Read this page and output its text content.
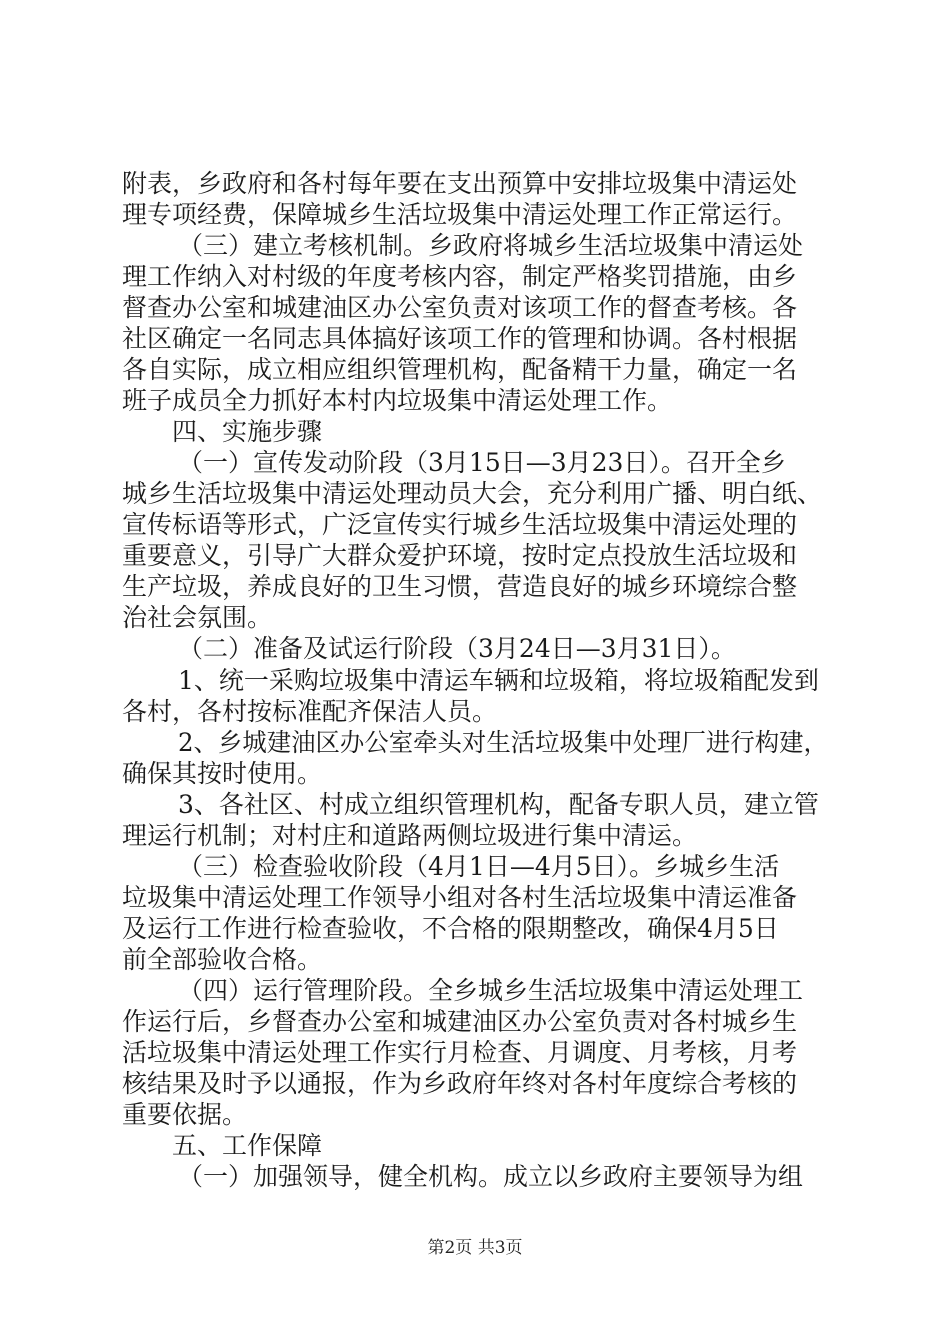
附表，乡政府和各村每年要在支出预算中安排垃圾集中清运处
理专项经费，保障城乡生活垃圾集中清运处理工作正常运行。
（三）建立考核机制。乡政府将城乡生活垃圾集中清运处
理工作纳入对村级的年度考核内容，制定严格奖罚措施，由乡
督查办公室和城建油区办公室负责对该项工作的督查考核。各
社区确定一名同志具体搞好该项工作的管理和协调。各村根据
各自实际，成立相应组织管理机构，配备精干力量，确定一名
班子成员全力抓好本村内垃圾集中清运处理工作。
四、实施步骤
（一）宣传发动阶段（3月15日—3月23日）。召开全乡
城乡生活垃圾集中清运处理动员大会，充分利用广播、明白纸、
宣传标语等形式，广泛宣传实行城乡生活垃圾集中清运处理的
重要意义，引导广大群众爱护环境，按时定点投放生活垃圾和
生产垃圾，养成良好的卫生习惯，营造良好的城乡环境综合整
治社会氛围。
（二）准备及试运行阶段（3月24日—3月31日）。
1、统一采购垃圾集中清运车辆和垃圾箱，将垃圾箱配发到
各村，各村按标准配齐保洁人员。
2、乡城建油区办公室牵头对生活垃圾集中处理厂进行构建，
确保其按时使用。
3、各社区、村成立组织管理机构，配备专职人员，建立管
理运行机制；对村庄和道路两侧垃圾进行集中清运。
（三）检查验收阶段（4月1日—4月5日）。乡城乡生活
垃圾集中清运处理工作领导小组对各村生活垃圾集中清运准备
及运行工作进行检查验收，不合格的限期整改，确保4月5日
前全部验收合格。
（四）运行管理阶段。全乡城乡生活垃圾集中清运处理工
作运行后，乡督查办公室和城建油区办公室负责对各村城乡生
活垃圾集中清运处理工作实行月检查、月调度、月考核，月考
核结果及时予以通报，作为乡政府年终对各村年度综合考核的
重要依据。
五、工作保障
（一）加强领导，健全机构。成立以乡政府主要领导为组
第2页 共3页
